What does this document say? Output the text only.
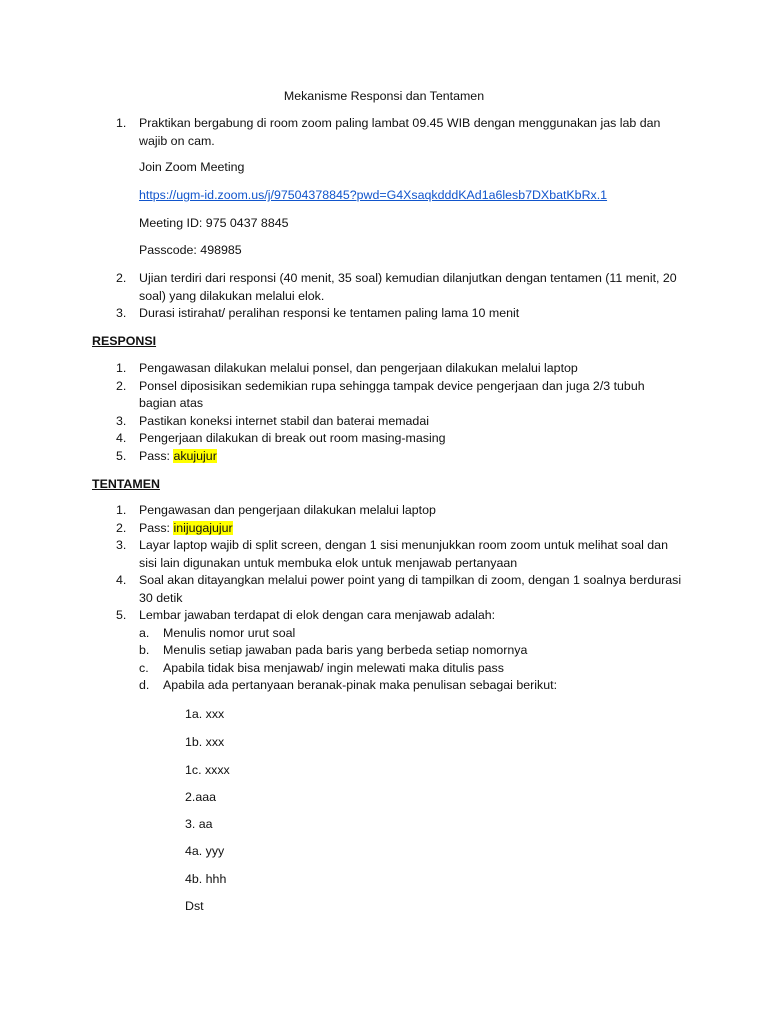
Mekanisme Responsi dan Tentamen
1. Praktikan bergabung di room zoom paling lambat 09.45 WIB dengan menggunakan jas lab dan wajib on cam.
Join Zoom Meeting
https://ugm-id.zoom.us/j/97504378845?pwd=G4XsaqkdddKAd1a6lesb7DXbatKbRx.1
Meeting ID: 975 0437 8845
Passcode: 498985
2. Ujian terdiri dari responsi (40 menit, 35 soal) kemudian dilanjutkan dengan tentamen (11 menit, 20 soal) yang dilakukan melalui elok.
3. Durasi istirahat/ peralihan responsi ke tentamen paling lama 10 menit
RESPONSI
1. Pengawasan dilakukan melalui ponsel, dan pengerjaan dilakukan melalui laptop
2. Ponsel diposisikan sedemikian rupa sehingga tampak device pengerjaan dan juga 2/3 tubuh bagian atas
3. Pastikan koneksi internet stabil dan baterai memadai
4. Pengerjaan dilakukan di break out room masing-masing
5. Pass: akujujur
TENTAMEN
1. Pengawasan dan pengerjaan dilakukan melalui laptop
2. Pass: inijugajujur
3. Layar laptop wajib di split screen, dengan 1 sisi menunjukkan room zoom untuk melihat soal dan sisi lain digunakan untuk membuka elok untuk menjawab pertanyaan
4. Soal akan ditayangkan melalui power point yang di tampilkan di zoom, dengan 1 soalnya berdurasi 30 detik
5. Lembar jawaban terdapat di elok dengan cara menjawab adalah:
a. Menulis nomor urut soal
b. Menulis setiap jawaban pada baris yang berbeda setiap nomornya
c. Apabila tidak bisa menjawab/ ingin melewati maka ditulis pass
d. Apabila ada pertanyaan beranak-pinak maka penulisan sebagai berikut:
1a. xxx
1b. xxx
1c. xxxx
2.aaa
3. aa
4a. yyy
4b. hhh
Dst
